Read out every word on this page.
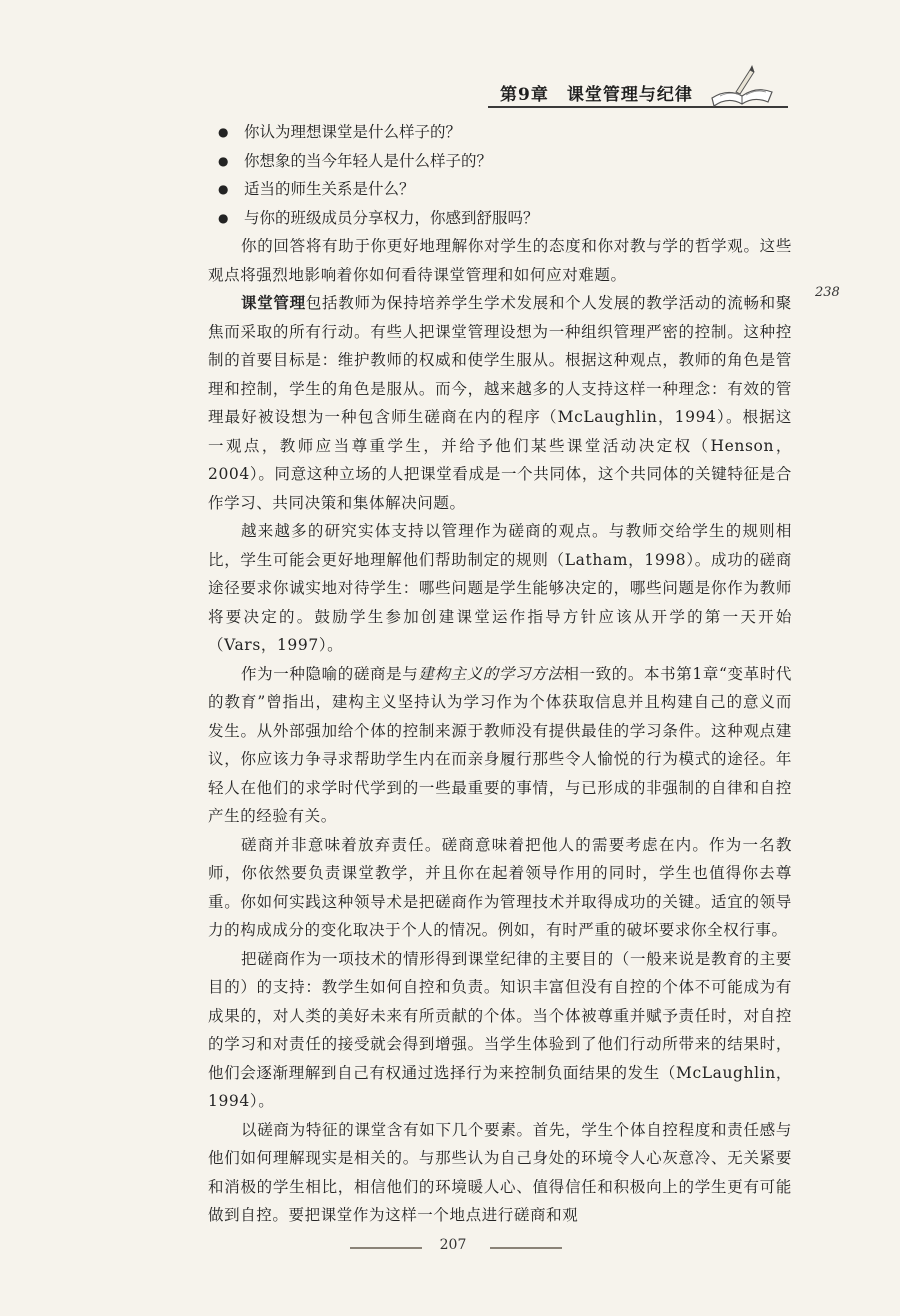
第9章　课堂管理与纪律
238
● 你认为理想课堂是什么样子的？
● 你想象的当今年轻人是什么样子的？
● 适当的师生关系是什么？
● 与你的班级成员分享权力，你感到舒服吗？

你的回答将有助于你更好地理解你对学生的态度和你对教与学的哲学观。这些观点将强烈地影响着你如何看待课堂管理和如何应对难题。

课堂管理包括教师为保持培养学生学术发展和个人发展的教学活动的流畅和聚焦而采取的所有行动。有些人把课堂管理设想为一种组织管理严密的控制。这种控制的首要目标是：维护教师的权威和使学生服从。根据这种观点，教师的角色是管理和控制，学生的角色是服从。而今，越来越多的人支持这样一种理念：有效的管理最好被设想为一种包含师生磋商在内的程序（McLaughlin，1994）。根据这一观点，教师应当尊重学生，并给予他们某些课堂活动决定权（Henson，2004）。同意这种立场的人把课堂看成是一个共同体，这个共同体的关键特征是合作学习、共同决策和集体解决问题。

越来越多的研究实体支持以管理作为磋商的观点。与教师交给学生的规则相比，学生可能会更好地理解他们帮助制定的规则（Latham，1998）。成功的磋商途径要求你诚实地对待学生：哪些问题是学生能够决定的，哪些问题是你作为教师将要决定的。鼓励学生参加创建课堂运作指导方针应该从开学的第一天开始（Vars，1997）。

作为一种隐喻的磋商是与建构主义的学习方法相一致的。本书第1章“变革时代的教育”曾指出，建构主义坚持认为学习作为个体获取信息并且构建自己的意义而发生。从外部强加给个体的控制来源于教师没有提供最佳的学习条件。这种观点建议，你应该力争寻求帮助学生内在而亲身履行那些令人愉悦的行为模式的途径。年轻人在他们的求学时代学到的一些最重要的事情，与已形成的非强制的自律和自控产生的经验有关。

磋商并非意味着放弃责任。磋商意味着把他人的需要考虑在内。作为一名教师，你依然要负责课堂教学，并且你在起着领导作用的同时，学生也值得你去尊重。你如何实践这种领导术是把磋商作为管理技术并取得成功的关键。适宜的领导力的构成成分的变化取决于个人的情况。例如，有时严重的破坏要求你全权行事。

把磋商作为一项技术的情形得到课堂纪律的主要目的（一般来说是教育的主要目的）的支持：教学生如何自控和负责。知识丰富但没有自控的个体不可能成为有成果的，对人类的美好未来有所贡献的个体。当个体被尊重并赋予责任时，对自控的学习和对责任的接受就会得到增强。当学生体验到了他们行动所带来的结果时，他们会逐渐理解到自己有权通过选择行为来控制负面结果的发生（McLaughlin，1994）。

以磋商为特征的课堂含有如下几个要素。首先，学生个体自控程度和责任感与他们如何理解现实是相关的。与那些认为自己身处的环境令人心灰意冷、无关紧要和消极的学生相比，相信他们的环境暖人心、值得信任和积极向上的学生更有可能做到自控。要把课堂作为这样一个地点进行磋商和观

207
